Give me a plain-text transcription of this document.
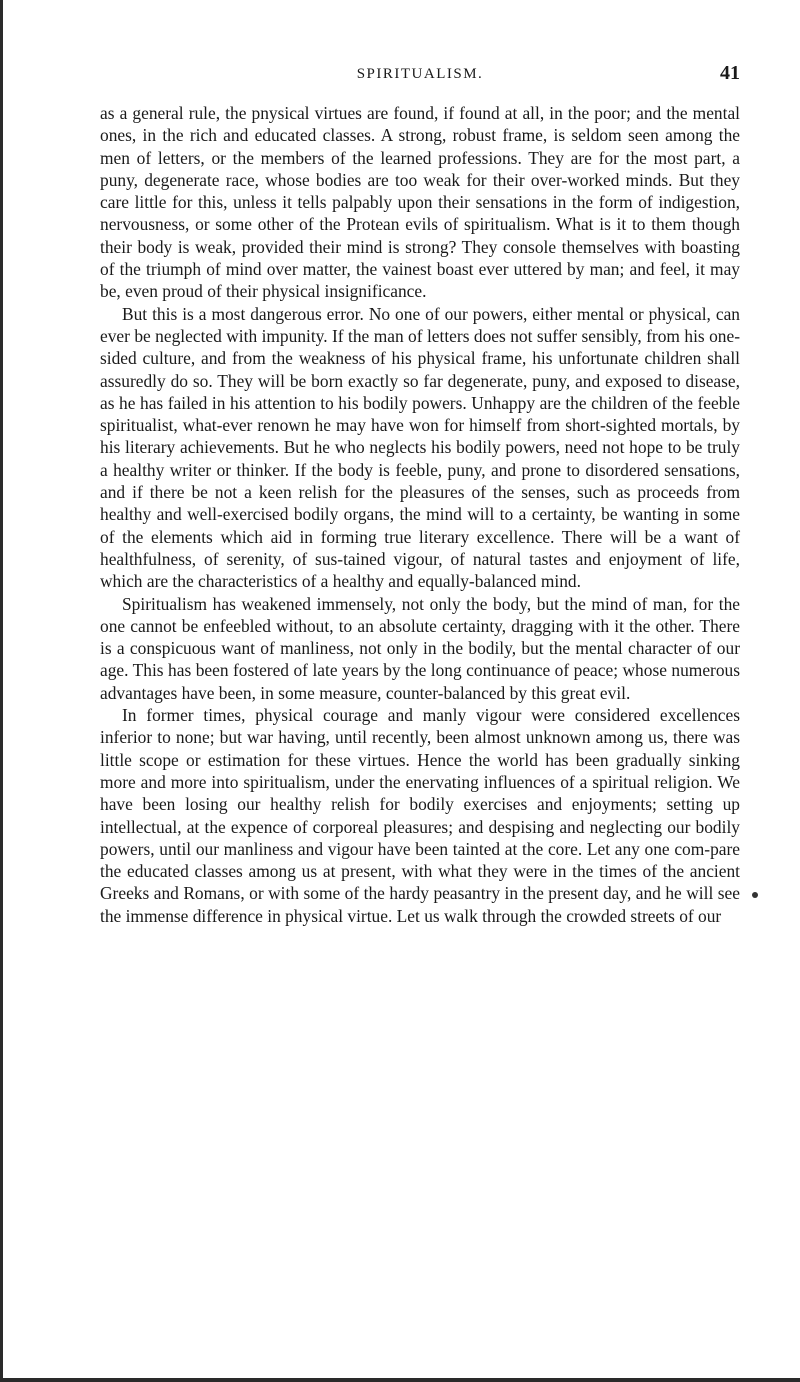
SPIRITUALISM.	41

as a general rule, the pnysical virtues are found, if found at all, in the poor; and the mental ones, in the rich and educated classes. A strong, robust frame, is seldom seen among the men of letters, or the members of the learned professions. They are for the most part, a puny, degenerate race, whose bodies are too weak for their over-worked minds. But they care little for this, unless it tells palpably upon their sensations in the form of indigestion, nervousness, or some other of the Protean evils of spiritualism. What is it to them though their body is weak, provided their mind is strong? They console themselves with boasting of the triumph of mind over matter, the vainest boast ever uttered by man; and feel, it may be, even proud of their physical insignificance.

But this is a most dangerous error. No one of our powers, either mental or physical, can ever be neglected with impunity. If the man of letters does not suffer sensibly, from his one-sided culture, and from the weakness of his physical frame, his unfortunate children shall assuredly do so. They will be born exactly so far degenerate, puny, and exposed to disease, as he has failed in his attention to his bodily powers. Unhappy are the children of the feeble spiritualist, what-ever renown he may have won for himself from short-sighted mortals, by his literary achievements. But he who neglects his bodily powers, need not hope to be truly a healthy writer or thinker. If the body is feeble, puny, and prone to disordered sensations, and if there be not a keen relish for the pleasures of the senses, such as proceeds from healthy and well-exercised bodily organs, the mind will to a certainty, be wanting in some of the elements which aid in forming true literary excellence. There will be a want of healthfulness, of serenity, of sus-tained vigour, of natural tastes and enjoyment of life, which are the characteristics of a healthy and equally-balanced mind.

Spiritualism has weakened immensely, not only the body, but the mind of man, for the one cannot be enfeebled without, to an absolute certainty, dragging with it the other. There is a conspicuous want of manliness, not only in the bodily, but the mental character of our age. This has been fostered of late years by the long continuance of peace; whose numerous advantages have been, in some measure, counter-balanced by this great evil.

In former times, physical courage and manly vigour were considered excellences inferior to none; but war having, until recently, been almost unknown among us, there was little scope or estimation for these virtues. Hence the world has been gradually sinking more and more into spiritualism, under the enervating influences of a spiritual religion. We have been losing our healthy relish for bodily exercises and enjoyments; setting up intellectual, at the expence of corporeal pleasures; and despising and neglecting our bodily powers, until our manliness and vigour have been tainted at the core. Let any one com-pare the educated classes among us at present, with what they were in the times of the ancient Greeks and Romans, or with some of the hardy peasantry in the present day, and he will see the immense difference in physical virtue. Let us walk through the crowded streets of our
